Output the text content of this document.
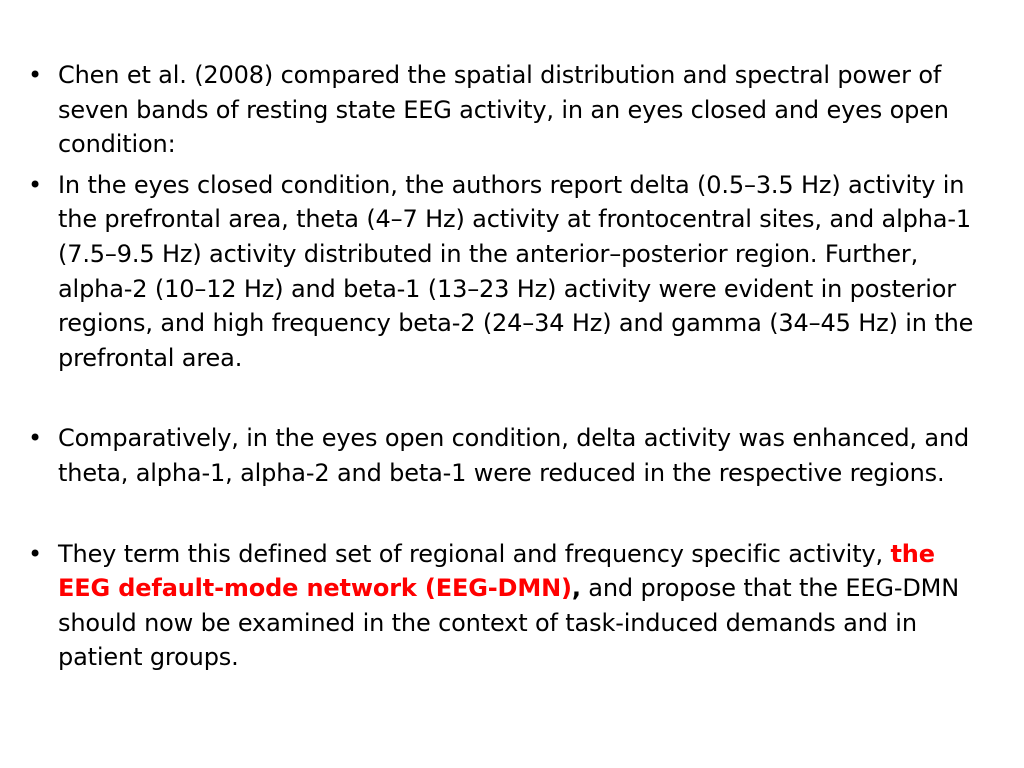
• Chen et al. (2008) compared the spatial distribution and spectral power of seven bands of resting state EEG activity, in an eyes closed and eyes open condition:
• In the eyes closed condition, the authors report delta (0.5–3.5 Hz) activity in the prefrontal area, theta (4–7 Hz) activity at frontocentral sites, and alpha-1 (7.5–9.5 Hz) activity distributed in the anterior–posterior region. Further, alpha-2 (10–12 Hz) and beta-1 (13–23 Hz) activity were evident in posterior regions, and high frequency beta-2 (24–34 Hz) and gamma (34–45 Hz) in the prefrontal area.
• Comparatively, in the eyes open condition, delta activity was enhanced, and theta, alpha-1, alpha-2 and beta-1 were reduced in the respective regions.
• They term this defined set of regional and frequency specific activity, the EEG default-mode network (EEG-DMN), and propose that the EEG-DMN should now be examined in the context of task-induced demands and in patient groups.
